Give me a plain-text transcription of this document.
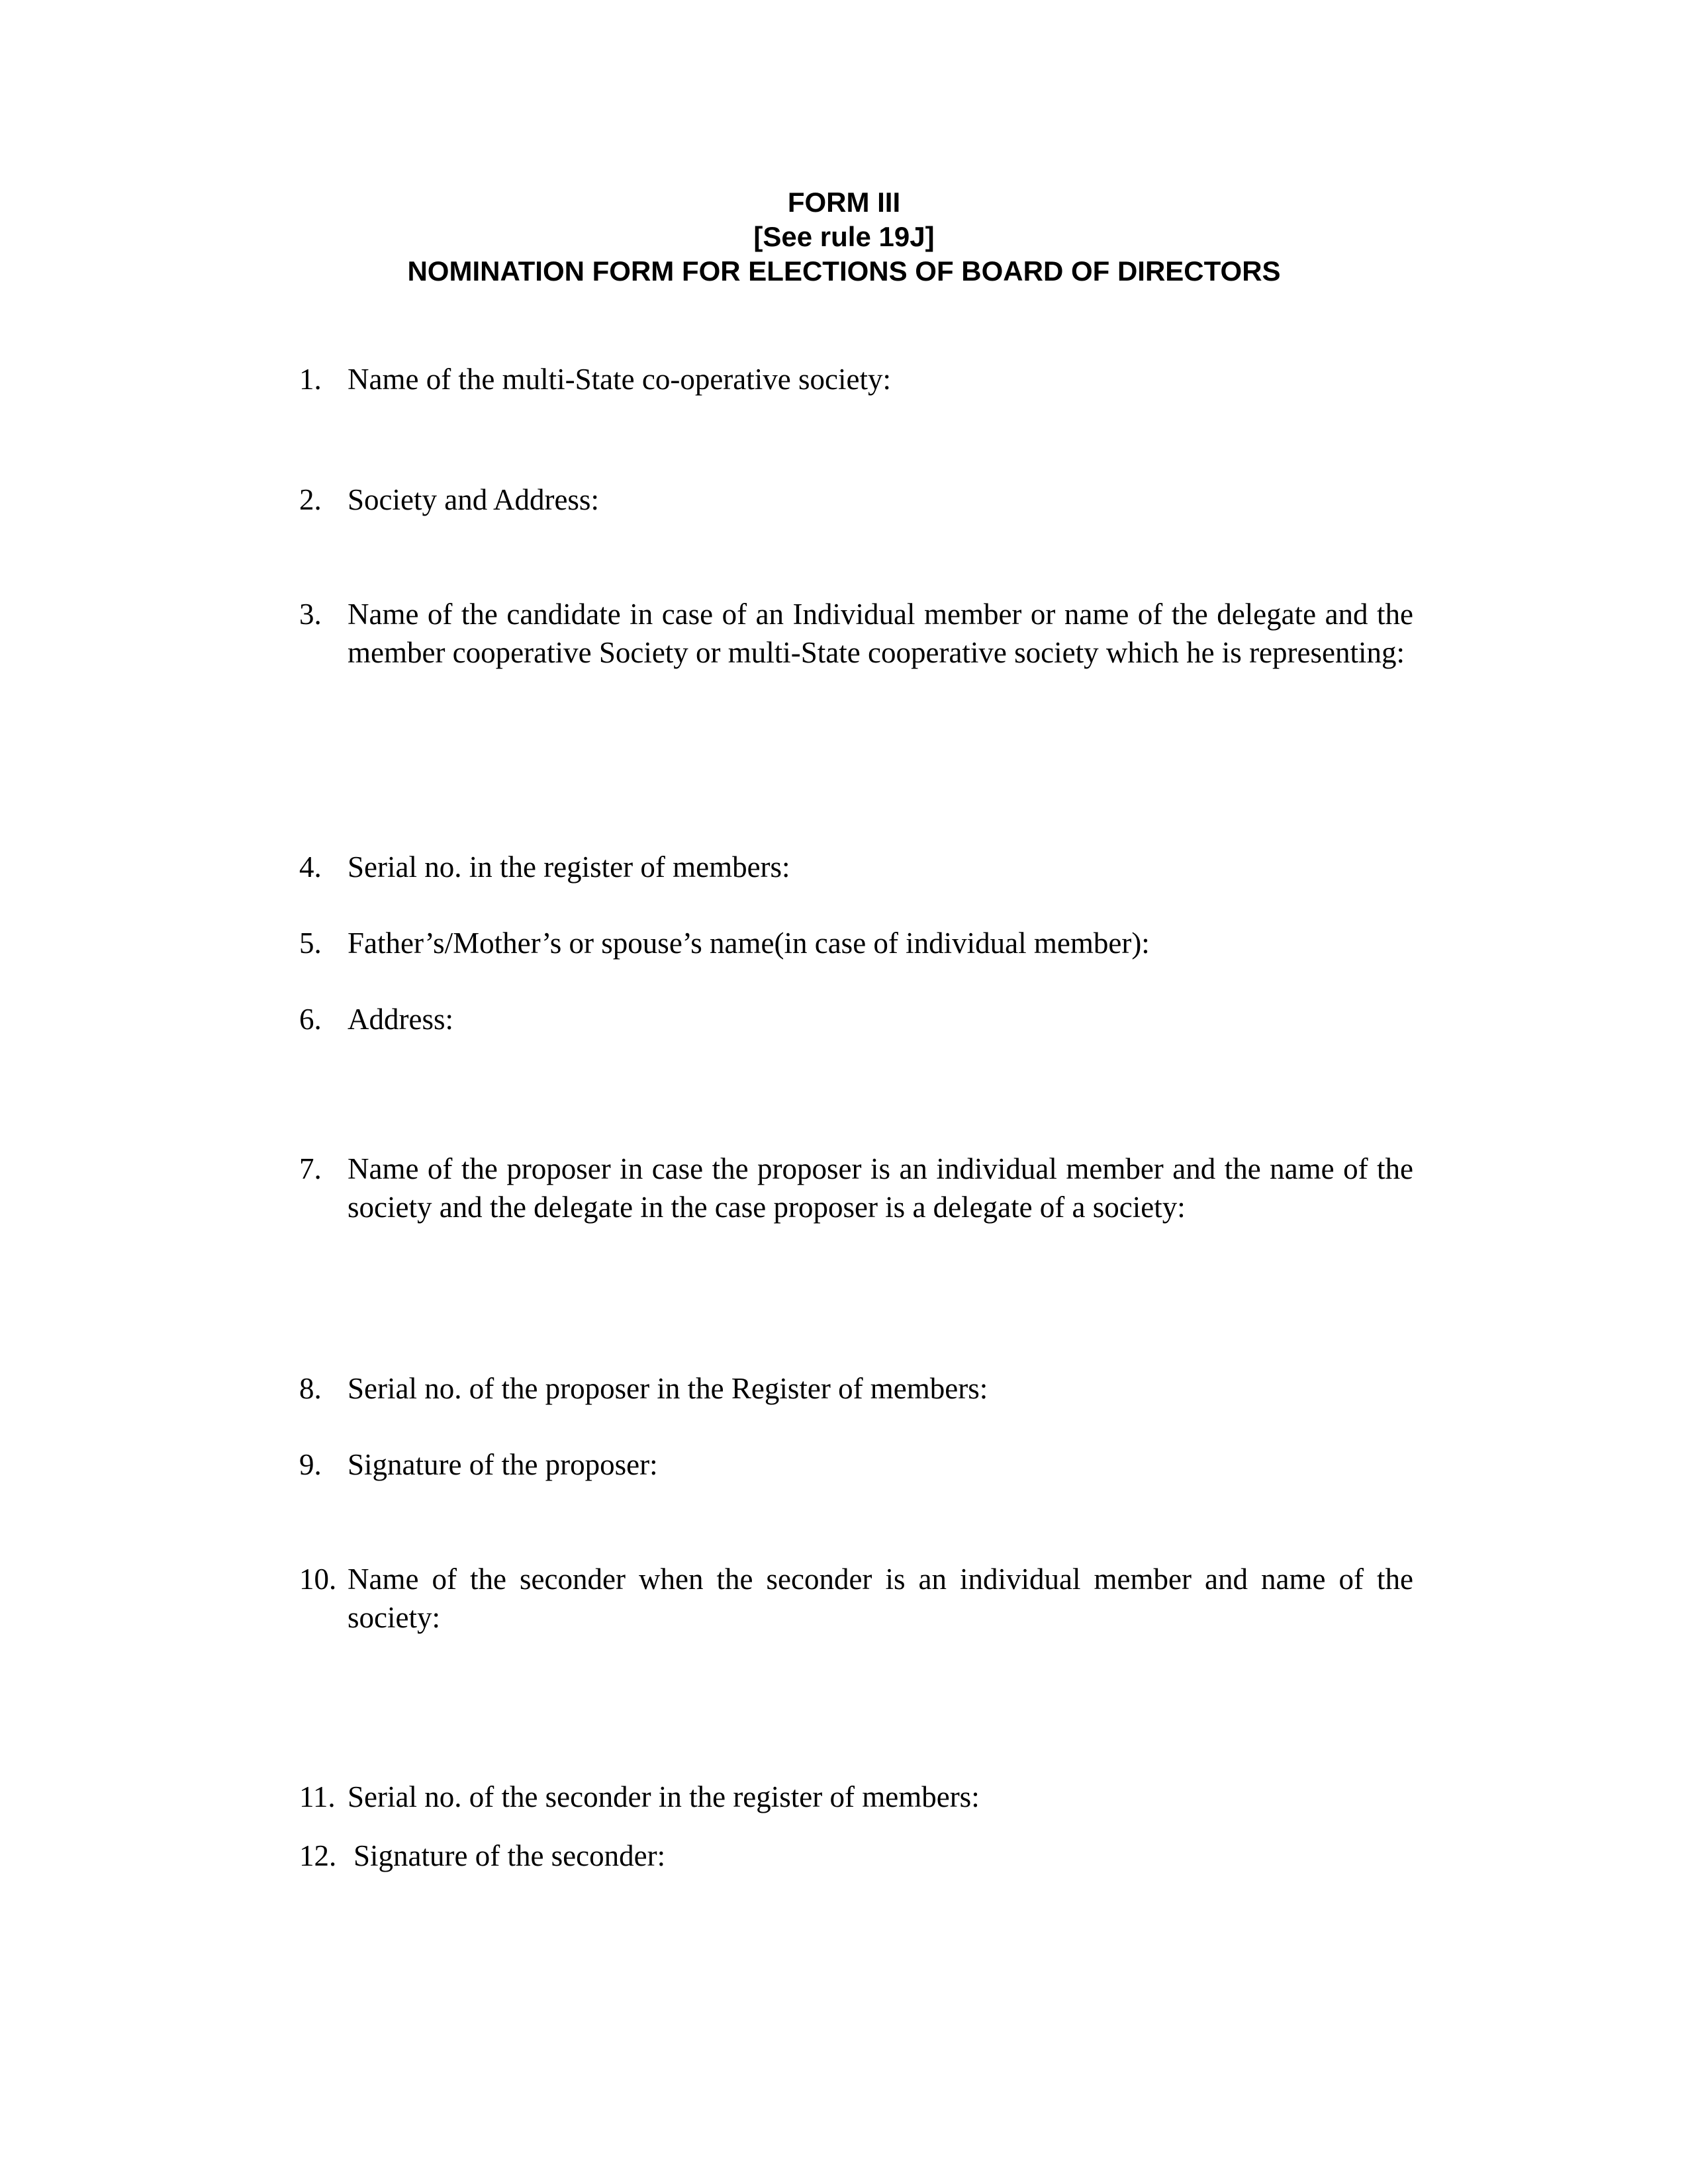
FORM III
[See rule 19J]
NOMINATION FORM FOR ELECTIONS OF BOARD OF DIRECTORS
1. Name of the multi-State co-operative society:
2. Society and Address:
3. Name of the candidate in case of an Individual member or name of the delegate and the member cooperative Society or multi-State cooperative society which he is representing:
4. Serial no. in the register of members:
5. Father’s/Mother’s or spouse’s name(in case of individual member):
6. Address:
7. Name of the proposer in case the proposer is an individual member and the name of the society and the delegate in the case proposer is a delegate of a society:
8. Serial no. of the proposer in the Register of members:
9. Signature of the proposer:
10. Name of the seconder when the seconder is an individual member and name of the society:
11. Serial no. of the seconder in the register of members:
12. Signature of the seconder:
